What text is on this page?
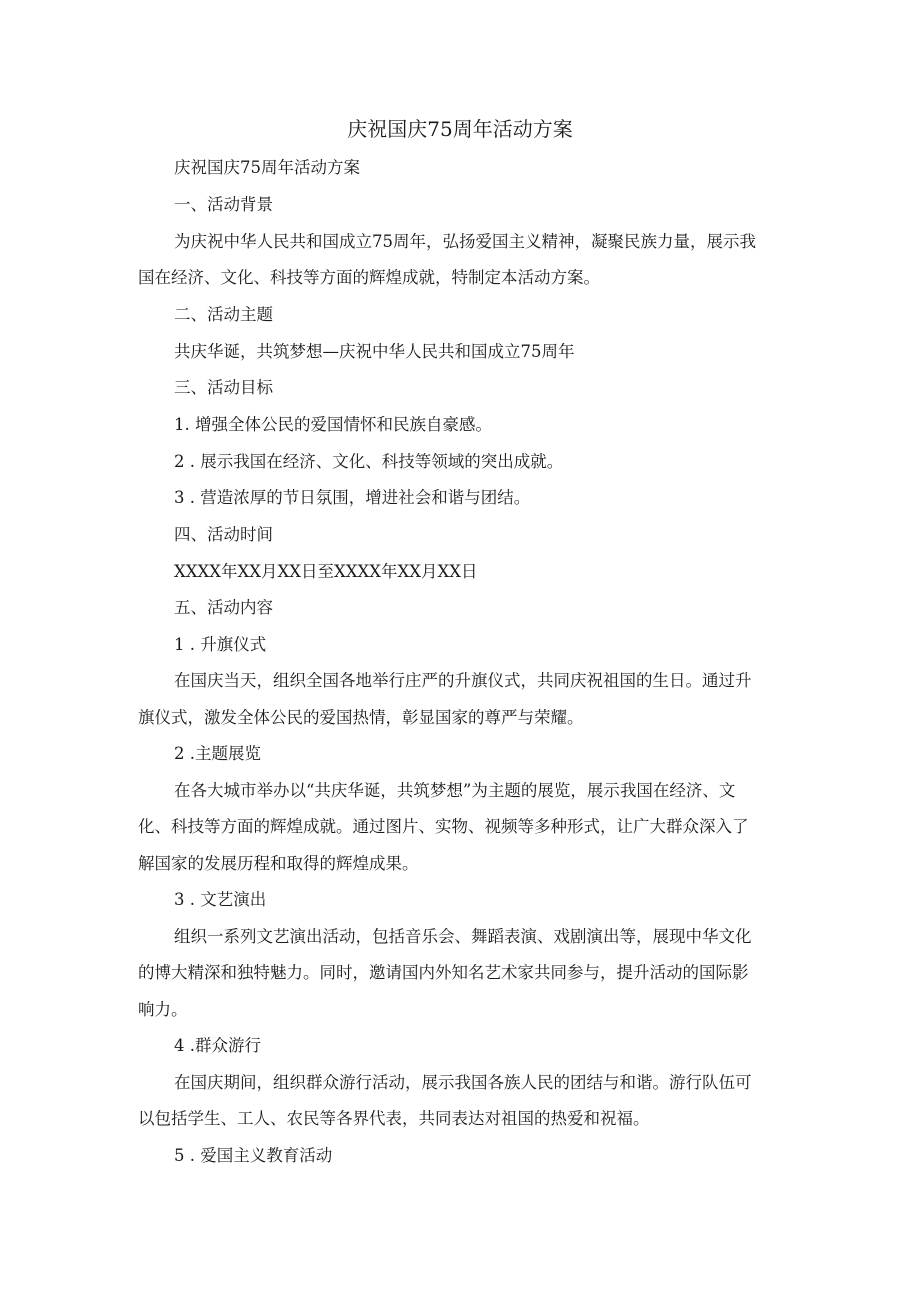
庆祝国庆75周年活动方案
庆祝国庆75周年活动方案
一、活动背景
为庆祝中华人民共和国成立75周年，弘扬爱国主义精神，凝聚民族力量，展示我
国在经济、文化、科技等方面的辉煌成就，特制定本活动方案。
二、活动主题
共庆华诞，共筑梦想—庆祝中华人民共和国成立75周年
三、活动目标
1. 增强全体公民的爱国情怀和民族自豪感。
2 . 展示我国在经济、文化、科技等领域的突出成就。
3 . 营造浓厚的节日氛围，增进社会和谐与团结。
四、活动时间
XXXX年XX月XX日至XXXX年XX月XX日
五、活动内容
1 . 升旗仪式
在国庆当天，组织全国各地举行庄严的升旗仪式，共同庆祝祖国的生日。通过升
旗仪式，激发全体公民的爱国热情，彰显国家的尊严与荣耀。
2 .主题展览
在各大城市举办以“共庆华诞，共筑梦想”为主题的展览，展示我国在经济、文
化、科技等方面的辉煌成就。通过图片、实物、视频等多种形式，让广大群众深入了
解国家的发展历程和取得的辉煌成果。
3 . 文艺演出
组织一系列文艺演出活动，包括音乐会、舞蹈表演、戏剧演出等，展现中华文化
的博大精深和独特魅力。同时，邀请国内外知名艺术家共同参与，提升活动的国际影
响力。
4 .群众游行
在国庆期间，组织群众游行活动，展示我国各族人民的团结与和谐。游行队伍可
以包括学生、工人、农民等各界代表，共同表达对祖国的热爱和祝福。
5 . 爱国主义教育活动
